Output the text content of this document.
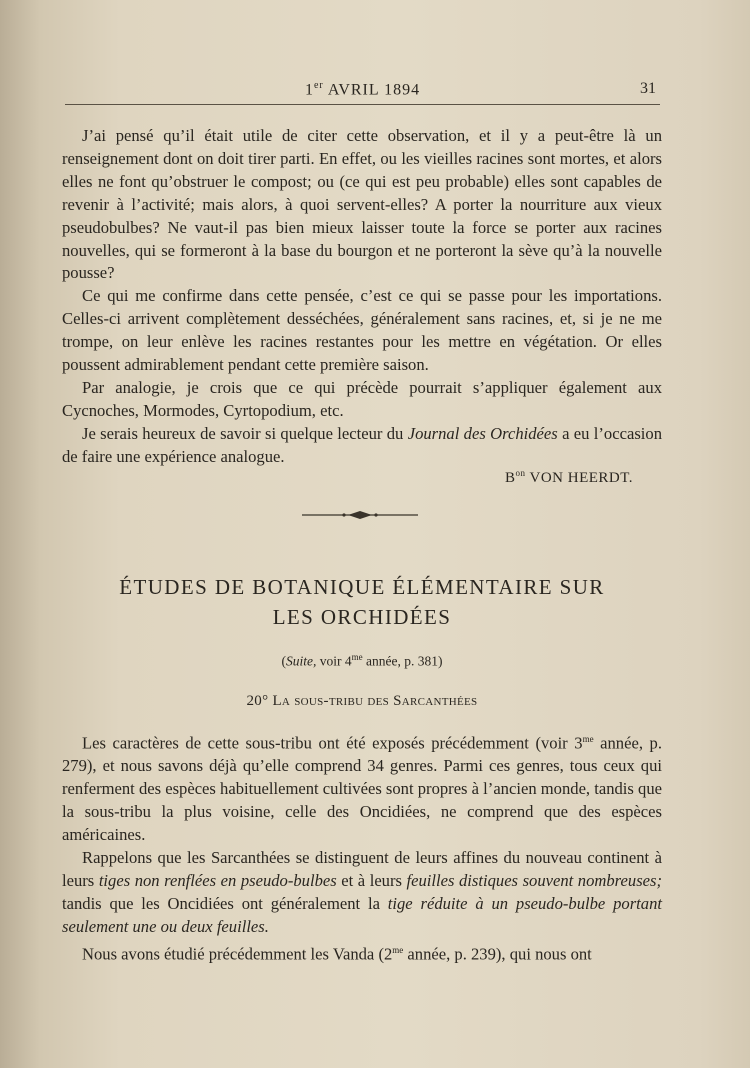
1er AVRIL 1894	31

J’ai pensé qu’il était utile de citer cette observation, et il y a peut-être là un renseignement dont on doit tirer parti. En effet, ou les vieilles racines sont mortes, et alors elles ne font qu’obstruer le compost; ou (ce qui est peu probable) elles sont capables de revenir à l’activité; mais alors, à quoi servent-elles? A porter la nourriture aux vieux pseudobulbes? Ne vaut-il pas bien mieux laisser toute la force se porter aux racines nouvelles, qui se formeront à la base du bourgon et ne porteront la sève qu’à la nouvelle pousse?

Ce qui me confirme dans cette pensée, c’est ce qui se passe pour les importations. Celles-ci arrivent complètement desséchées, généralement sans racines, et, si je ne me trompe, on leur enlève les racines restantes pour les mettre en végétation. Or elles poussent admirablement pendant cette première saison.

Par analogie, je crois que ce qui précède pourrait s’appliquer également aux Cycnoches, Mormodes, Cyrtopodium, etc.

Je serais heureux de savoir si quelque lecteur du Journal des Orchidées a eu l’occasion de faire une expérience analogue.

$B^{on}$ VON HEERDT.
ÉTUDES DE BOTANIQUE ÉLÉMENTAIRE SUR
LES ORCHIDÉES
(Suite, voir $4^{me}$ année, p. 381)
20° La sous-tribu des Sarcanthées

Les caractères de cette sous-tribu ont été exposés précédemment (voir $3^{me}$ année, p. 279), et nous savons déjà qu’elle comprend 34 genres. Parmi ces genres, tous ceux qui renferment des espèces habituellement cultivées sont propres à l’ancien monde, tandis que la sous-tribu la plus voisine, celle des Oncidiées, ne comprend que des espèces américaines.

Rappelons que les Sarcanthées se distinguent de leurs affines du nouveau continent à leurs tiges non renflées en pseudo-bulbes et à leurs feuilles distiques souvent nombreuses; tandis que les Oncidiées ont généralement la tige réduite à un pseudo-bulbe portant seulement une ou deux feuilles.

Nous avons étudié précédemment les Vanda ($2^{me}$ année, p. 239), qui nous ont
